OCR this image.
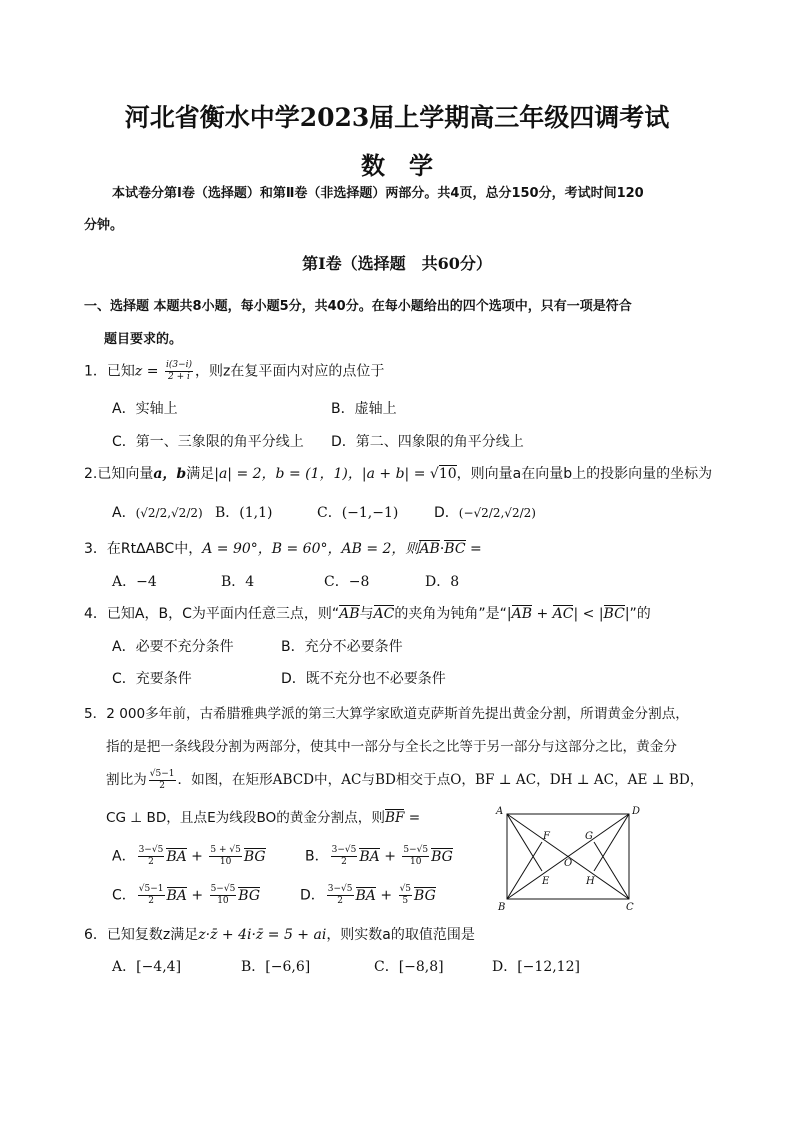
河北省衡水中学2023届上学期高三年级四调考试
数学
本试卷分第Ⅰ卷（选择题）和第Ⅱ卷（非选择题）两部分。共4页，总分150分，考试时间120
分钟。
第Ⅰ卷（选择题　共60分）
一、选择题 本题共8小题，每小题5分，共40分。在每小题给出的四个选项中，只有一项是符合
题目要求的。
1．已知$z = \frac{i(3-i)}{2 + i}$ ，则z在复平面内对应的点位于
A．实轴上	B．虚轴上
C．第一、三象限的角平分线上 D．第二、四象限的角平分线上
2.已知向量a，b满足|a| = 2，b = (1，1)，|a + b| = √10，则向量a在向量b上的投影向量的坐标为
A．(√2/2,√2/2) B．(1,1)	C．(−1,−1)	D．(−√2/2,√2/2)
3．在Rt∆ABC中，A = 90°，B = 60°，AB = 2，则AB·BC =
A．−4	B．4	C．−8	D．8
4．已知A，B，C为平面内任意三点，则“AB与AC的夹角为钝角”是“|AB + AC| < |BC|”的
A．必要不充分条件	B．充分不必要条件
C．充要条件	D．既不充分也不必要条件
5．2 000多年前，古希腊雅典学派的第三大算学家欧道克萨斯首先提出黄金分割，所谓黄金分割点，
指的是把一条线段分割为两部分，使其中一部分与全长之比等于另一部分与这部分之比，黄金分
割比为 $\frac{√5-1}{2}$ ．如图，在矩形ABCD中，AC与BD相交于点O，BF ⊥ AC，DH ⊥ AC，AE ⊥ BD，
CG ⊥ BD，且点E为线段BO的黄金分割点，则BF =
A． $\frac{3-√5}{2}$ BA + $\frac{5 + √5}{10}$ BG	B． $\frac{3-√5}{2}$ BA + $\frac{5-√5}{10}$ BG
C． $\frac{√5-1}{2}$ BA + $\frac{5-√5}{10}$ BG	D． $\frac{3-√5}{2}$ BA + $\frac{√5}{5}$ BG
A	D
B	C
F	G
O
E	H
6．已知复数z满足z·z̄ + 4i·z̄ = 5 + ai，则实数a的取值范围是
A．[−4,4]	B．[−6,6]	C．[−8,8]	D．[−12,12]
